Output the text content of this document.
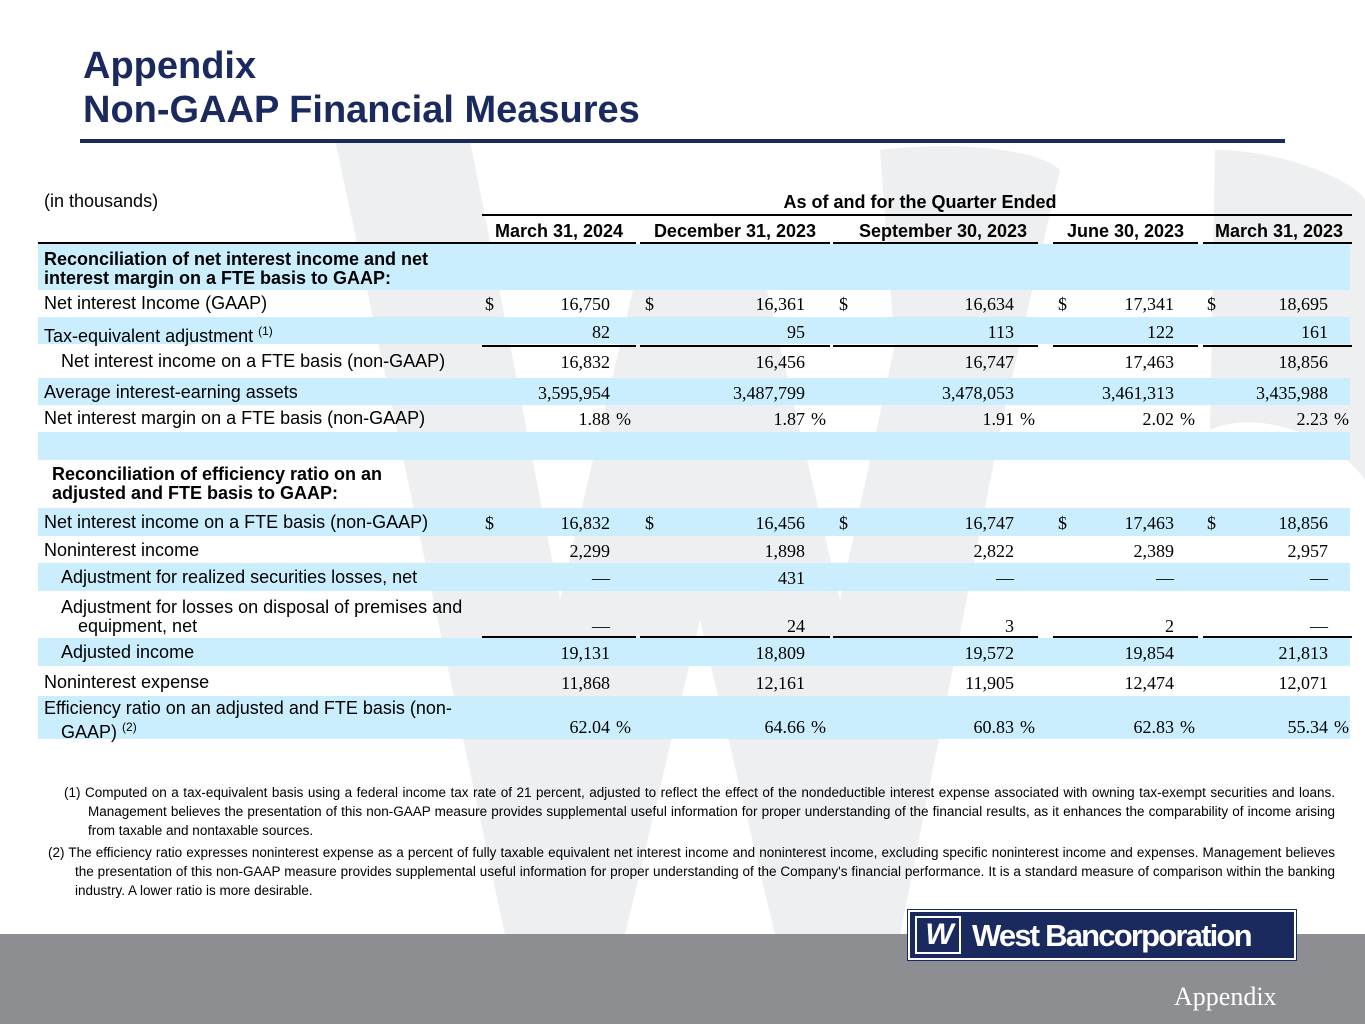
Appendix
Non-GAAP Financial Measures
(in thousands)	As of and for the Quarter Ended
March 31, 2024	December 31, 2023	September 30, 2023	June 30, 2023	March 31, 2023
Reconciliation of net interest income and net interest margin on a FTE basis to GAAP:
Net interest Income (GAAP)	$	16,750 $	16,361 $	16,634 $	17,341 $	18,695
Tax-equivalent adjustment $^{(1)}$	82	95	113	122	161
Net interest income on a FTE basis (non-GAAP)	16,832	16,456	16,747	17,463	18,856
Average interest-earning assets	3,595,954	3,487,799	3,478,053	3,461,313	3,435,988
Net interest margin on a FTE basis (non-GAAP)	1.88 %	1.87 %	1.91 %	2.02 %	2.23 %
Reconciliation of efficiency ratio on an adjusted and FTE basis to GAAP:
Net interest income on a FTE basis (non-GAAP)	$	16,832 $	16,456 $	16,747 $	17,463 $	18,856
Noninterest income	2,299	1,898	2,822	2,389	2,957
Adjustment for realized securities losses, net	—	431	—	—	—
Adjustment for losses on disposal of premises and equipment, net	—	24	3	2	—
Adjusted income	19,131	18,809	19,572	19,854	21,813
Noninterest expense	11,868	12,161	11,905	12,474	12,071
Efficiency ratio on an adjusted and FTE basis (non-GAAP) $^{(2)}$	62.04 %	64.66 %	60.83 %	62.83 %	55.34 %
(1) Computed on a tax-equivalent basis using a federal income tax rate of 21 percent, adjusted to reflect the effect of the nondeductible interest expense associated with owning tax-exempt securities and loans. Management believes the presentation of this non-GAAP measure provides supplemental useful information for proper understanding of the financial results, as it enhances the comparability of income arising from taxable and nontaxable sources.
(2) The efficiency ratio expresses noninterest expense as a percent of fully taxable equivalent net interest income and noninterest income, excluding specific noninterest income and expenses. Management believes the presentation of this non-GAAP measure provides supplemental useful information for proper understanding of the Company's financial performance. It is a standard measure of comparison within the banking industry. A lower ratio is more desirable.
W West Bancorporation
Appendix
